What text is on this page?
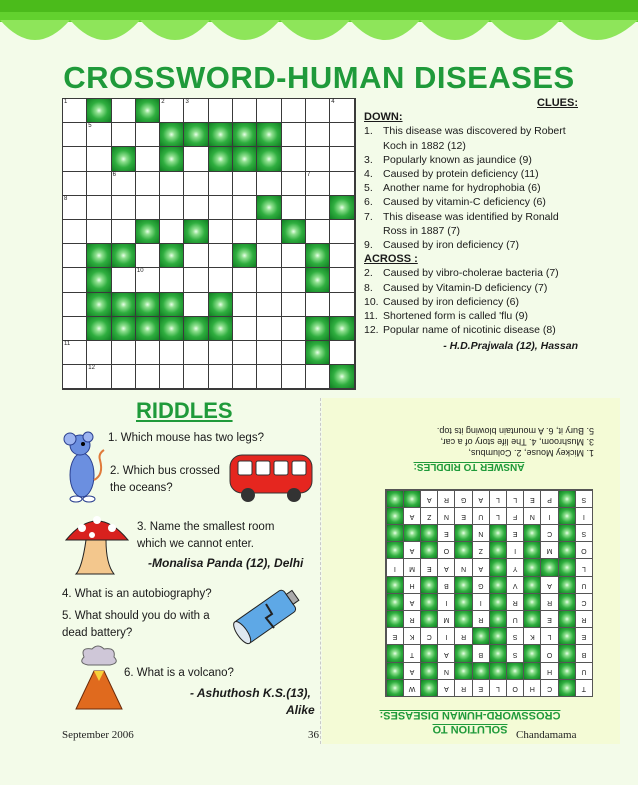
CROSSWORD-HUMAN DISEASES
1	2	3	4
5
6	7
8
10
11
12
CLUES:
DOWN:
1. This disease was discovered by Robert Koch in 1882 (12)
3. Popularly known as jaundice (9)
4. Caused by protein deficiency (11)
5. Another name for hydrophobia (6)
6. Caused by vitamin-C deficiency (6)
7. This disease was identified by Ronald Ross in 1887 (7)
9. Caused by iron deficiency (7)
ACROSS :
2. Caused by vibro-cholerae bacteria (7)
8. Caused by Vitamin-D deficiency (7)
10. Caused by iron deficiency (6)
11. Shortened form is called 'flu (9)
12. Popular name of nicotinic disease (8)
- H.D.Prajwala (12), Hassan
RIDDLES
1. Which mouse has two legs?
2. Which bus crossed
the oceans?
3. Name the smallest room
which we cannot enter.
-Monalisa Panda (12), Delhi
4. What is an autobiography?
5. What should you do with a
dead battery?
6. What is a volcano?
- Ashuthosh K.S.(13),
Alike
SOLUTION TO
CROSSWORD-HUMAN DISEASES:
T
C
H
O
L
E
R
A
W
U
H
N
A
B
O
S
B
A
T
E
L
K
S
R
I
C
K
E
R
E
U
R
M
R
C
R
R
I
I
A
U
A
V
G
B
H
L
Y
A
N
A
E
M
I
O
M
I
Z
O
A
S
C
E
N
E
I
I
N
F
L
U
E
N
Z
A
S
P
E
L
L
A
G
R
A
ANSWER TO RIDDLES:
1. Mickey Mouse, 2. Columbus,
3. Mushroom, 4. The life story of a car,
5. Bury it, 6. A mountain blowing its top.
September 2006	36	Chandamama
